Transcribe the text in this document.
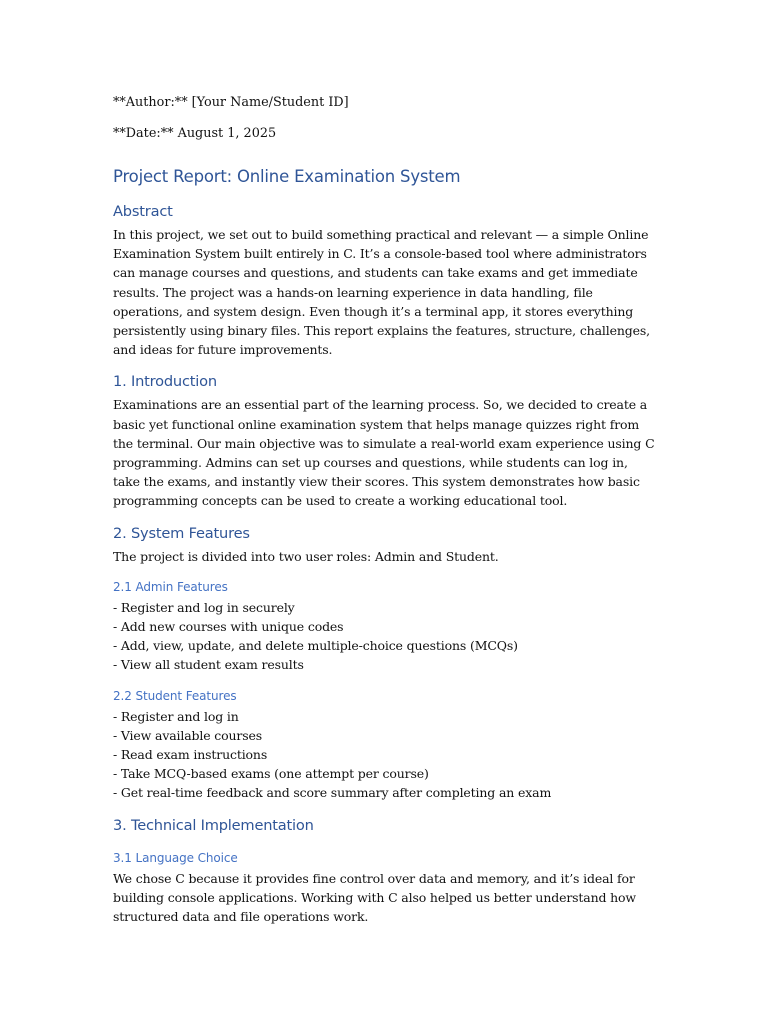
**Author:** [Your Name/Student ID]

**Date:** August 1, 2025

Project Report: Online Examination System
Abstract

In this project, we set out to build something practical and relevant — a simple Online Examination System built entirely in C. It’s a console-based tool where administrators can manage courses and questions, and students can take exams and get immediate results. The project was a hands-on learning experience in data handling, file operations, and system design. Even though it’s a terminal app, it stores everything persistently using binary files. This report explains the features, structure, challenges, and ideas for future improvements.

1. Introduction

Examinations are an essential part of the learning process. So, we decided to create a basic yet functional online examination system that helps manage quizzes right from the terminal. Our main objective was to simulate a real-world exam experience using C programming. Admins can set up courses and questions, while students can log in, take the exams, and instantly view their scores. This system demonstrates how basic programming concepts can be used to create a working educational tool.

2. System Features

The project is divided into two user roles: Admin and Student.

2.1 Admin Features
- Register and log in securely
- Add new courses with unique codes
- Add, view, update, and delete multiple-choice questions (MCQs)
- View all student exam results
2.2 Student Features
- Register and log in
- View available courses
- Read exam instructions
- Take MCQ-based exams (one attempt per course)
- Get real-time feedback and score summary after completing an exam
3. Technical Implementation
3.1 Language Choice

We chose C because it provides fine control over data and memory, and it’s ideal for building console applications. Working with C also helped us better understand how structured data and file operations work.
